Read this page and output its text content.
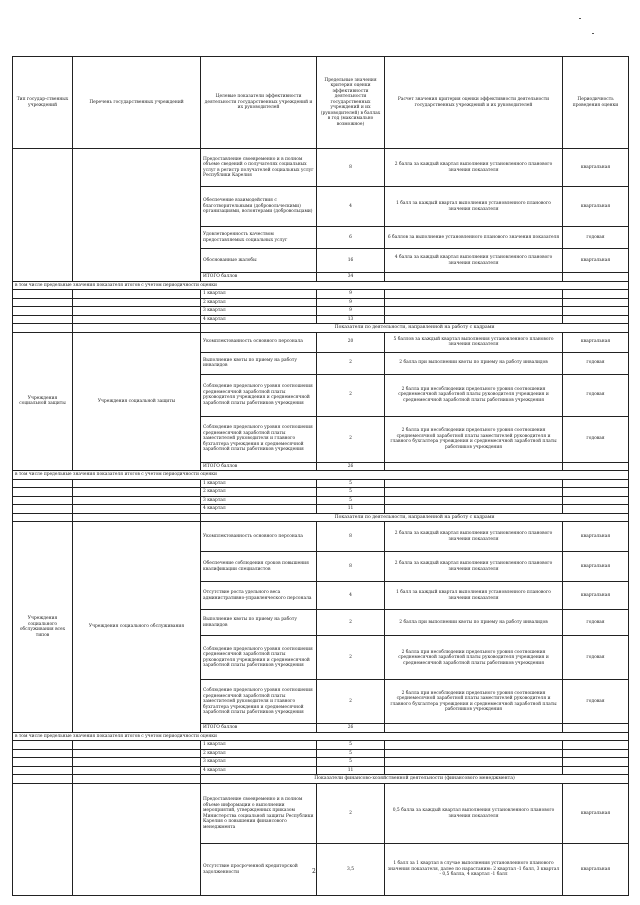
Тип государ-ственных учреждений	Перечень государственных учреждений	Целевые показатели эффективности деятельности государственных учреждений и их руководителей	Предельные значения критерия оценки эффективности деятельности государственных учреждений и их (руководителей) в баллах в год (максимально возможное)	Расчет значения критерия оценки эффективности деятельности государственных учреждений и их руководителей	Периодичность проведения оценки
		Предоставление своевременно и в полном объеме сведений о получателях социальных услуг в регистр получателей социальных услуг Республики Карелия	8	2 балла за каждый квартал выполнения установленного планового значения показателя	квартальная
		Обеспечение взаимодействия с благотворительными (добровольческими) организациями, волонтерами (добровольцами)	4	1 балл за каждый квартал выполнения установленного планового значения показателя	квартальная
		Удовлетворенность качеством предоставляемых социальных услуг	6	6 баллов за выполнение установленного планового значения показателя	годовая
		Обоснованные жалобы	16	4 балла за каждый квартал выполнения установленного планового значения показателя	квартальная
		ИТОГО баллов	34		
в том числе предельные значения показателя итогов с учетом периодичности оценки					
		1 квартал	9		
		2 квартал	9		
		3 квартал	9		
		4 квартал	13		
		Показатели по деятельности, направленной на работу с кадрами			
Учреждения социальной защиты	Учреждения социальной защиты	Укомплектованность основного персонала	20	5 баллов за каждый квартал выполнения установленного планового значения показателя	квартальная
		Выполнение квоты по приему на работу инвалидов	2	2 балла при выполнении квоты по приему на работу инвалидов	годовая
		Соблюдение предельного уровня соотношения среднемесячной заработной платы руководителя учреждения и среднемесячной заработной платы работников учреждения	2	2 балла при несоблюдении предельного уровня соотношения среднемесячной заработной платы руководителя учреждения и среднемесячной заработной платы работников учреждения	годовая
		Соблюдение предельного уровня соотношения среднемесячной заработной платы заместителей руководителя и главного бухгалтера учреждения и среднемесячной заработной платы работников учреждения	2	2 балла при несоблюдении предельного уровня соотношения среднемесячной заработной платы заместителей руководителя и главного бухгалтера учреждения и среднемесячной заработной платы работников учреждения	годовая
		ИТОГО баллов	26		
в том числе предельные значения показателя итогов с учетом периодичности оценки					
		1 квартал	5		
		2 квартал	5		
		3 квартал	5		
		4 квартал	11		
		Показатели по деятельности, направленной на работу с кадрами			
Учреждения социального обслуживания всех типов	Учреждения социального обслуживания	Укомплектованность основного персонала	8	2 балла за каждый квартал выполнения установленного планового значения показателя	квартальная
		Обеспечение соблюдения сроков повышения квалификации специалистов	8	2 балла за каждый квартал выполнения установленного планового значения показателя	квартальная
		Отсутствие роста удельного веса административно-управленческого персонала	4	1 балл за каждый квартал выполнения установленного планового значения показателя	квартальная
		Выполнение квоты по приему на работу инвалидов	2	2 балла при выполнении квоты по приему на работу инвалидов	годовая
		Соблюдение предельного уровня соотношения среднемесячной заработной платы руководителя учреждения и среднемесячной заработной платы работников учреждения	2	2 балла при несоблюдении предельного уровня соотношения среднемесячной заработной платы руководителя учреждения и среднемесячной заработной платы работников учреждения	годовая
		Соблюдение предельного уровня соотношения среднемесячной заработной платы заместителей руководителя и главного бухгалтера учреждения и среднемесячной заработной платы работников учреждения	2	2 балла при несоблюдении предельного уровня соотношения среднемесячной заработной платы заместителей руководителя и главного бухгалтера учреждения и среднемесячной заработной платы работников учреждения	годовая
		ИТОГО баллов	26		
в том числе предельные значения показателя итогов с учетом периодичности оценки					
		1 квартал	5		
		2 квартал	5		
		3 квартал	5		
		4 квартал	11		
		Показатели финансово-хозяйственной деятельности (финансового менеджмента)			
		Предоставление своевременно и в полном объеме информации о выполнении мероприятий, утвержденных приказом Министерства социальной защиты Республики Карелия о повышении финансового менеджмента	2	0,5 балла за каждый квартал выполнения установленного планового значения показателя	квартальная
		Отсутствие просроченной кредиторской задолженности	3,5	1 балл за 1 квартал в случае выполнения установленного планового значения показателя, далее по нарастанию: 2 квартал -1 балл, 3 квартал - 0,5 балла, 4 квартал -1 балл	квартальная
2
